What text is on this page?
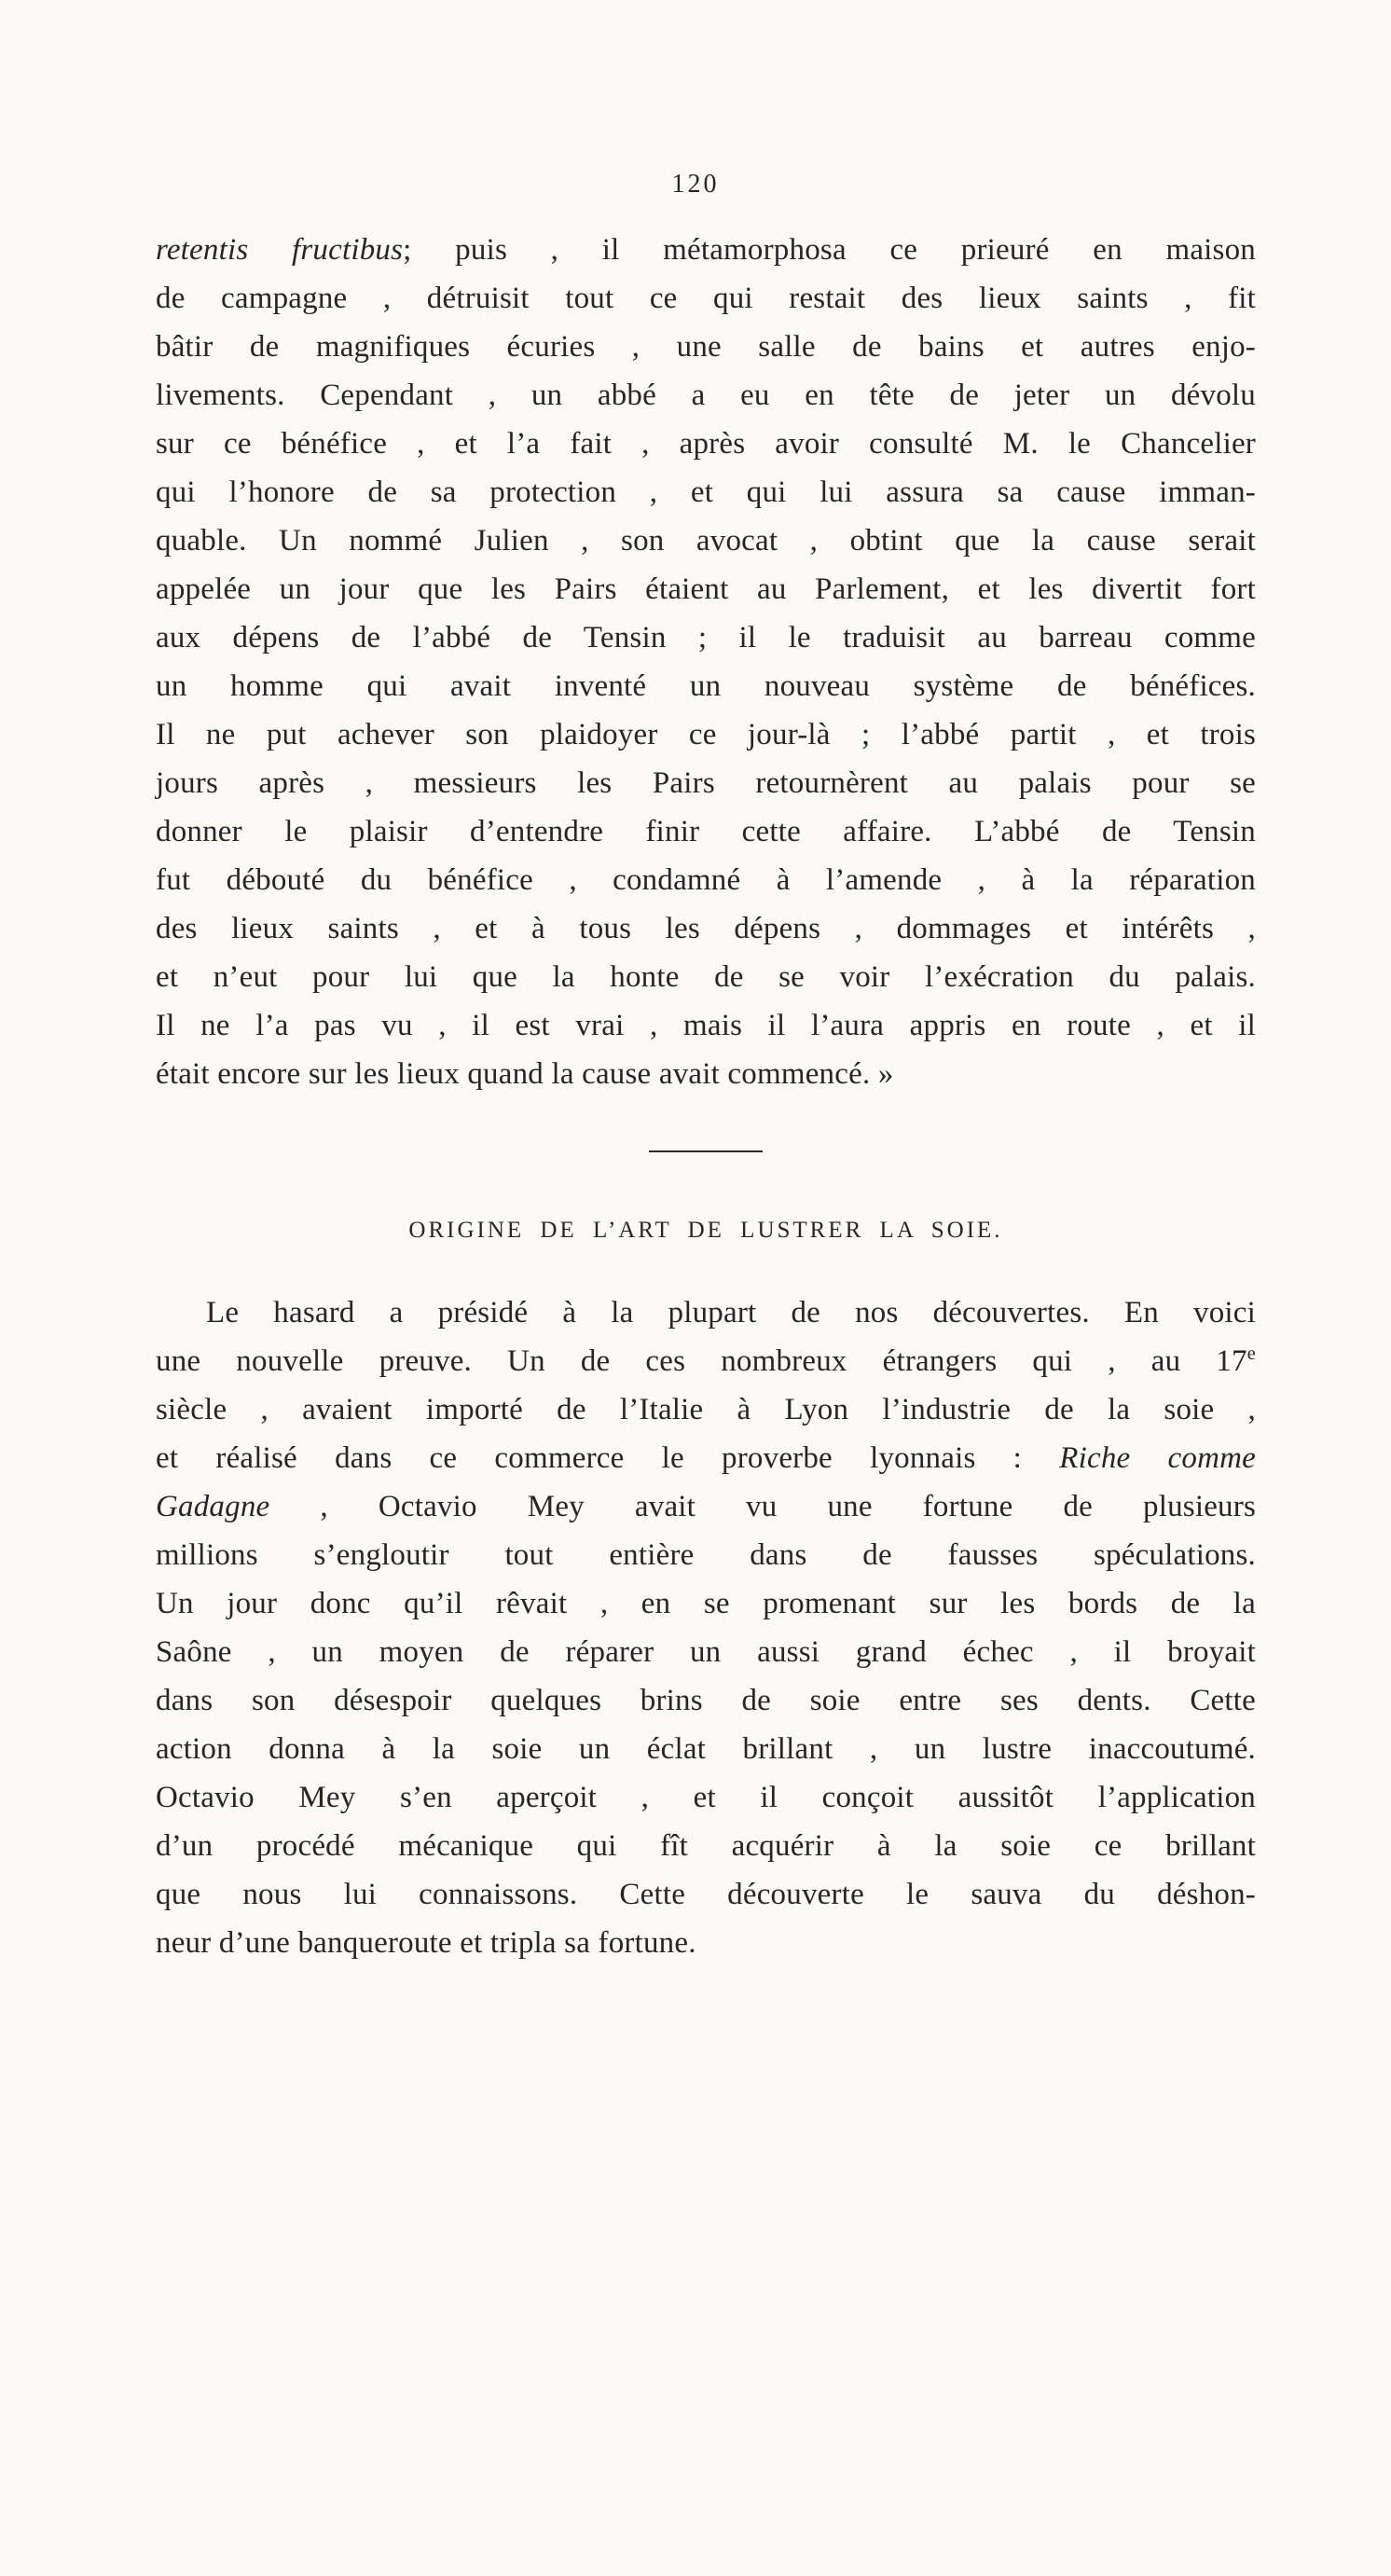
120
retentis fructibus; puis , il métamorphosa ce prieuré en maison
de campagne , détruisit tout ce qui restait des lieux saints , fit
bâtir de magnifiques écuries , une salle de bains et autres enjo-
livements. Cependant , un abbé a eu en tête de jeter un dévolu
sur ce bénéfice , et l’a fait , après avoir consulté M. le Chancelier
qui l’honore de sa protection , et qui lui assura sa cause imman-
quable. Un nommé Julien , son avocat , obtint que la cause serait
appelée un jour que les Pairs étaient au Parlement, et les divertit fort
aux dépens de l’abbé de Tensin ; il le traduisit au barreau comme
un homme qui avait inventé un nouveau système de bénéfices.
Il ne put achever son plaidoyer ce jour-là ; l’abbé partit , et trois
jours après , messieurs les Pairs retournèrent au palais pour se
donner le plaisir d’entendre finir cette affaire. L’abbé de Tensin
fut débouté du bénéfice , condamné à l’amende , à la réparation
des lieux saints , et à tous les dépens , dommages et intérêts ,
et n’eut pour lui que la honte de se voir l’exécration du palais.
Il ne l’a pas vu , il est vrai , mais il l’aura appris en route , et il
était encore sur les lieux quand la cause avait commencé. »
ORIGINE DE L’ART DE LUSTRER LA SOIE.
Le hasard a présidé à la plupart de nos découvertes. En voici
une nouvelle preuve. Un de ces nombreux étrangers qui , au 17e
siècle , avaient importé de l’Italie à Lyon l’industrie de la soie ,
et réalisé dans ce commerce le proverbe lyonnais : Riche comme
Gadagne , Octavio Mey avait vu une fortune de plusieurs
millions s’engloutir tout entière dans de fausses spéculations.
Un jour donc qu’il rêvait , en se promenant sur les bords de la
Saône , un moyen de réparer un aussi grand échec , il broyait
dans son désespoir quelques brins de soie entre ses dents. Cette
action donna à la soie un éclat brillant , un lustre inaccoutumé.
Octavio Mey s’en aperçoit , et il conçoit aussitôt l’application
d’un procédé mécanique qui fît acquérir à la soie ce brillant
que nous lui connaissons. Cette découverte le sauva du déshon-
neur d’une banqueroute et tripla sa fortune.
